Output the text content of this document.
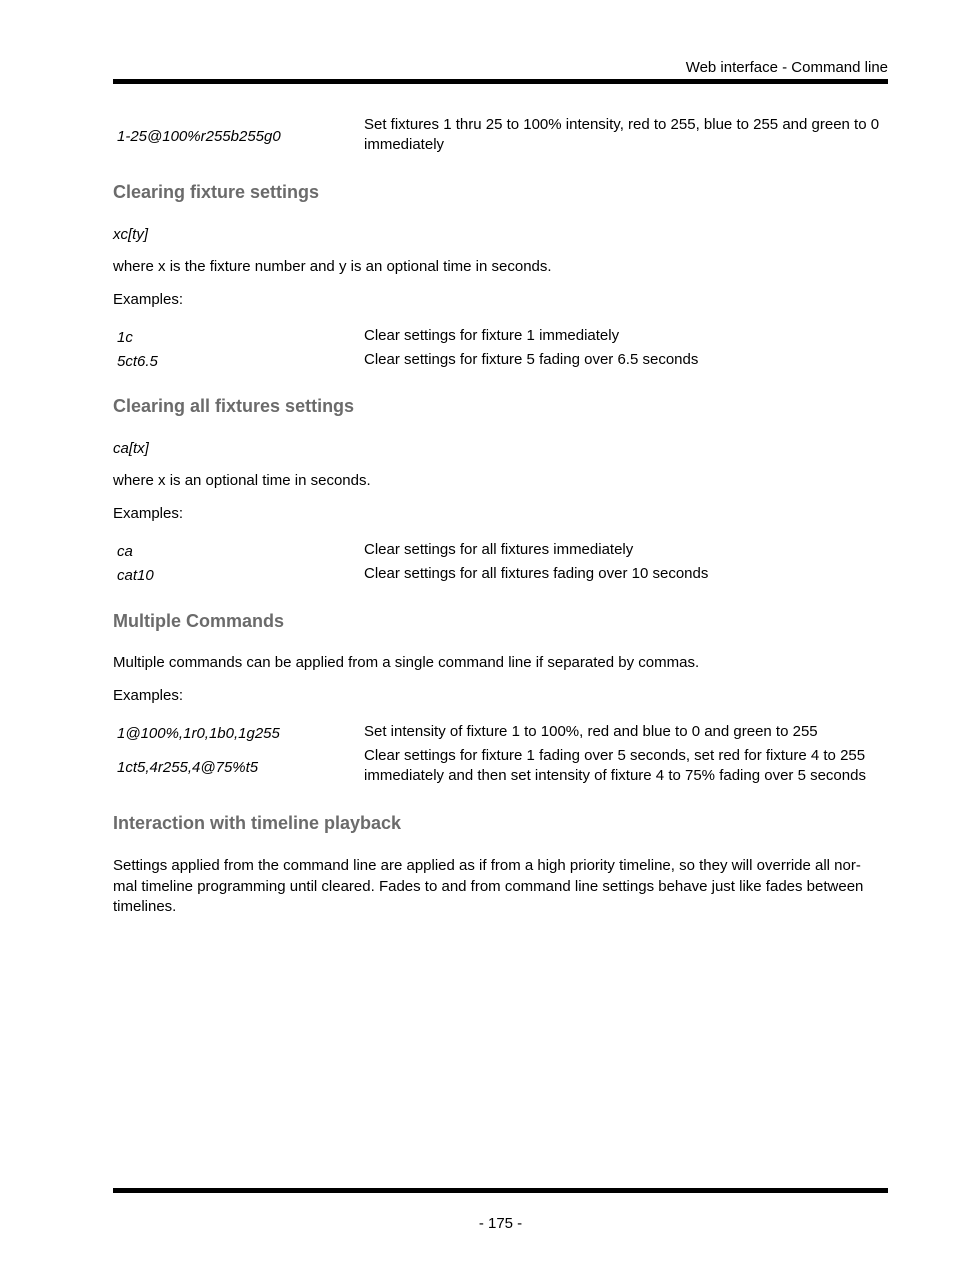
Web interface - Command line
1-25@100%r255b255g0	Set fixtures 1 thru 25 to 100% intensity, red to 255, blue to 255 and green to 0 immediately
Clearing fixture settings
xc[ty]
where x is the fixture number and y is an optional time in seconds.
Examples:
1c	Clear settings for fixture 1 immediately
5ct6.5	Clear settings for fixture 5 fading over 6.5 seconds
Clearing all fixtures settings
ca[tx]
where x is an optional time in seconds.
Examples:
ca	Clear settings for all fixtures immediately
cat10	Clear settings for all fixtures fading over 10 seconds
Multiple Commands
Multiple commands can be applied from a single command line if separated by commas.
Examples:
1@100%,1r0,1b0,1g255	Set intensity of fixture 1 to 100%, red and blue to 0 and green to 255
1ct5,4r255,4@75%t5	Clear settings for fixture 1 fading over 5 seconds, set red for fixture 4 to 255 immediately and then set intensity of fixture 4 to 75% fading over 5 seconds
Interaction with timeline playback
Settings applied from the command line are applied as if from a high priority timeline, so they will override all nor- mal timeline programming until cleared. Fades to and from command line settings behave just like fades between timelines.
- 175 -
